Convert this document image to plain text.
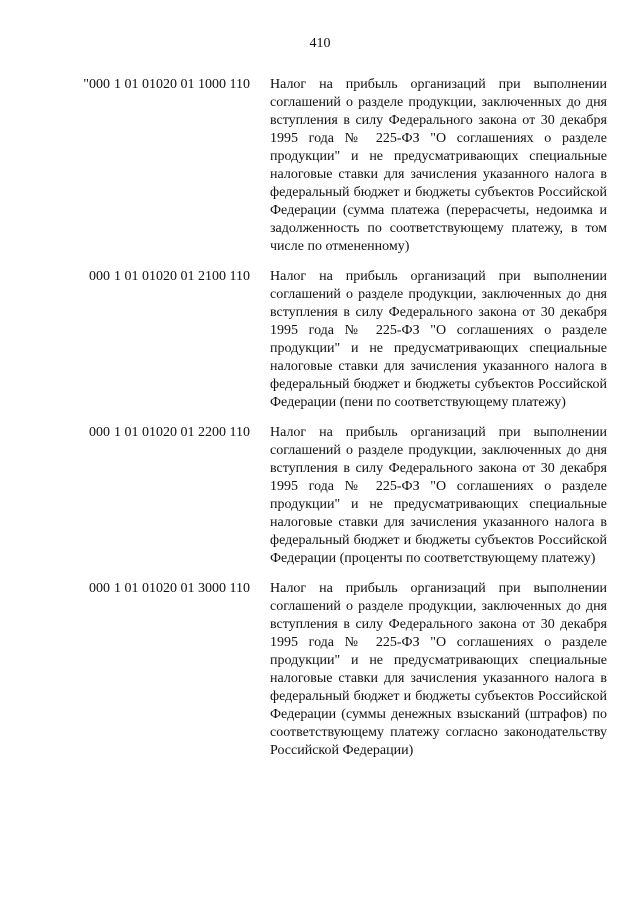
410
"000 1 01 01020 01 1000 110	Налог на прибыль организаций при выполнении соглашений о разделе продукции, заключенных до дня вступления в силу Федерального закона от 30 декабря 1995 года № 225-ФЗ "О соглашениях о разделе продукции" и не предусматривающих специальные налоговые ставки для зачисления указанного налога в федеральный бюджет и бюджеты субъектов Российской Федерации (сумма платежа (перерасчеты, недоимка и задолженность по соответствующему платежу, в том числе по отмененному)
000 1 01 01020 01 2100 110	Налог на прибыль организаций при выполнении соглашений о разделе продукции, заключенных до дня вступления в силу Федерального закона от 30 декабря 1995 года № 225-ФЗ "О соглашениях о разделе продукции" и не предусматривающих специальные налоговые ставки для зачисления указанного налога в федеральный бюджет и бюджеты субъектов Российской Федерации (пени по соответствующему платежу)
000 1 01 01020 01 2200 110	Налог на прибыль организаций при выполнении соглашений о разделе продукции, заключенных до дня вступления в силу Федерального закона от 30 декабря 1995 года № 225-ФЗ "О соглашениях о разделе продукции" и не предусматривающих специальные налоговые ставки для зачисления указанного налога в федеральный бюджет и бюджеты субъектов Российской Федерации (проценты по соответствующему платежу)
000 1 01 01020 01 3000 110	Налог на прибыль организаций при выполнении соглашений о разделе продукции, заключенных до дня вступления в силу Федерального закона от 30 декабря 1995 года № 225-ФЗ "О соглашениях о разделе продукции" и не предусматривающих специальные налоговые ставки для зачисления указанного налога в федеральный бюджет и бюджеты субъектов Российской Федерации (суммы денежных взысканий (штрафов) по соответствующему платежу согласно законодательству Российской Федерации)
